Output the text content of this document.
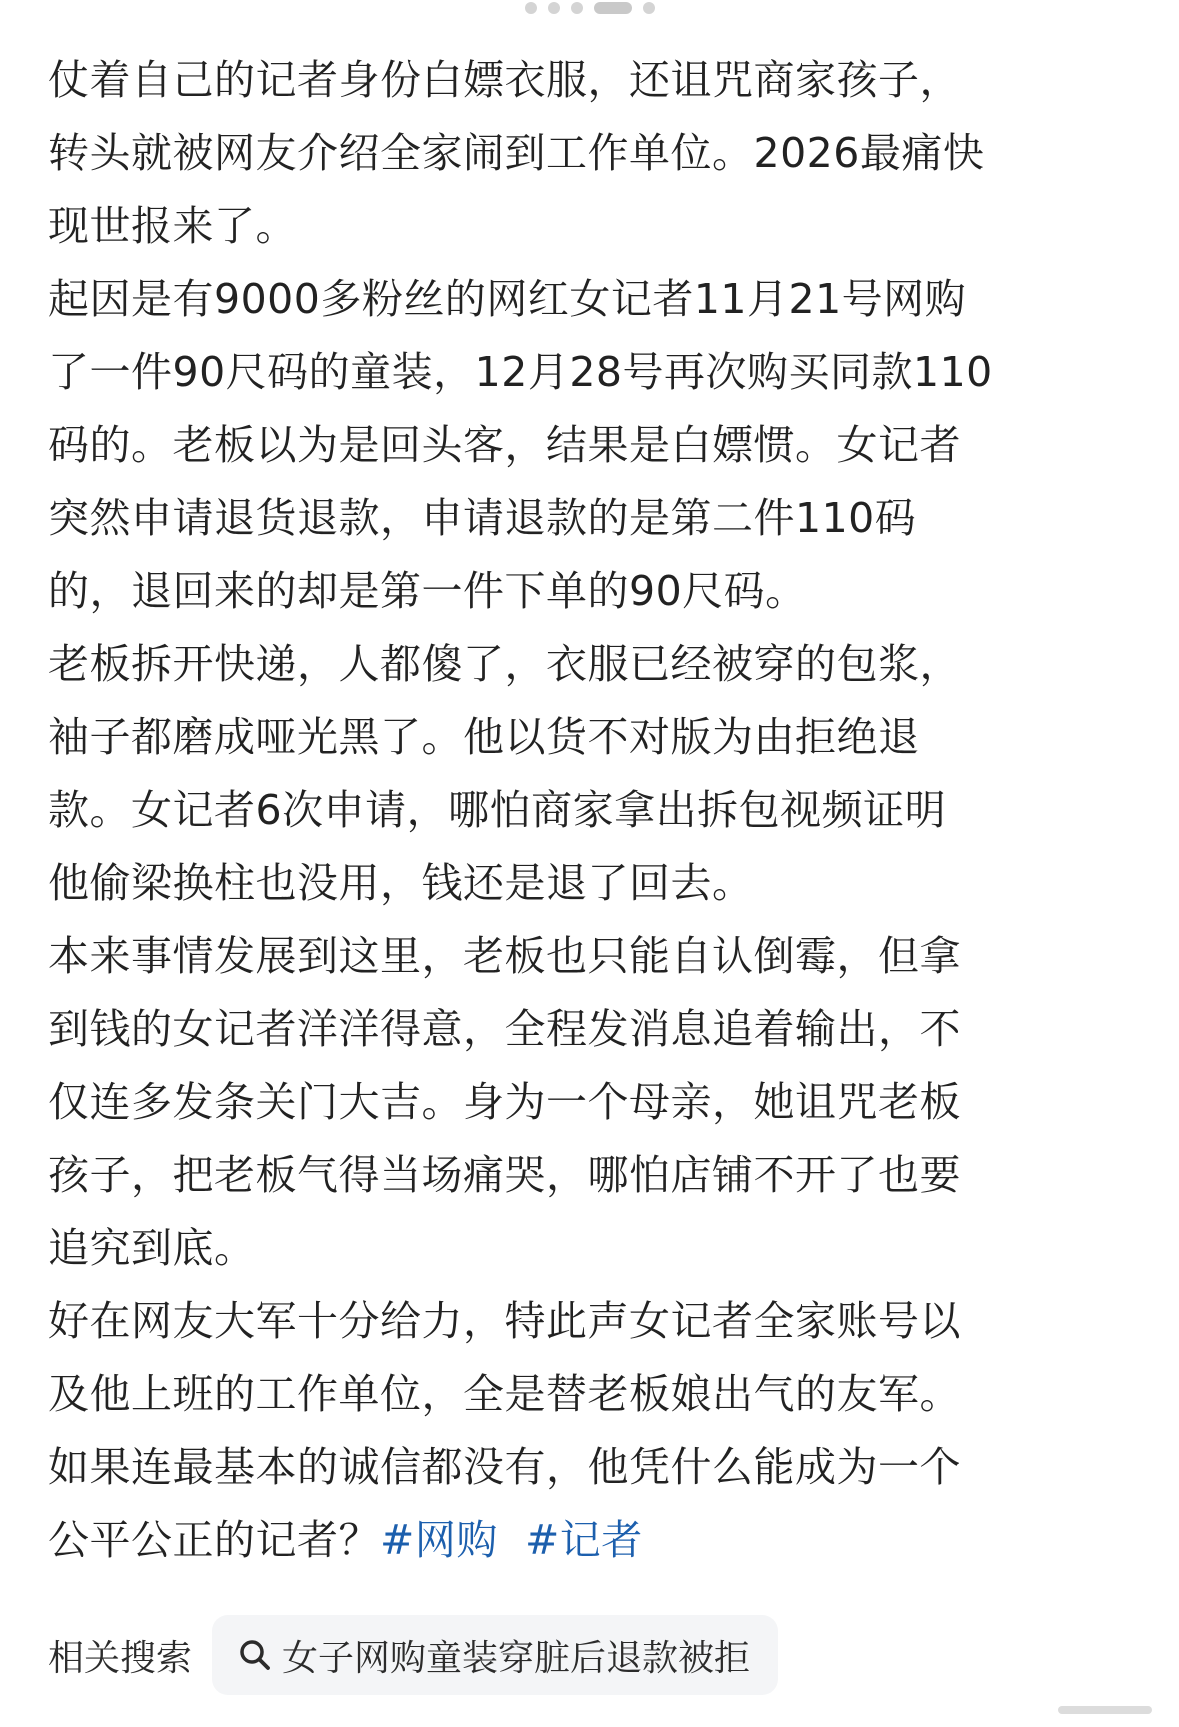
仗着自己的记者身份白嫖衣服，还诅咒商家孩子，
转头就被网友介绍全家闹到工作单位。2026最痛快
现世报来了。

起因是有9000多粉丝的网红女记者11月21号网购
了一件90尺码的童装，12月28号再次购买同款110
码的。老板以为是回头客，结果是白嫖惯。女记者
突然申请退货退款，申请退款的是第二件110码
的，退回来的却是第一件下单的90尺码。

老板拆开快递，人都傻了，衣服已经被穿的包浆，
袖子都磨成哑光黑了。他以货不对版为由拒绝退
款。女记者6次申请，哪怕商家拿出拆包视频证明
他偷梁换柱也没用，钱还是退了回去。

本来事情发展到这里，老板也只能自认倒霉，但拿
到钱的女记者洋洋得意，全程发消息追着输出，不
仅连多发条关门大吉。身为一个母亲，她诅咒老板
孩子，把老板气得当场痛哭，哪怕店铺不开了也要
追究到底。

好在网友大军十分给力，特此声女记者全家账号以
及他上班的工作单位，全是替老板娘出气的友军。
如果连最基本的诚信都没有，他凭什么能成为一个
公平公正的记者？#网购 #记者

相关搜索	女子网购童装穿脏后退款被拒
